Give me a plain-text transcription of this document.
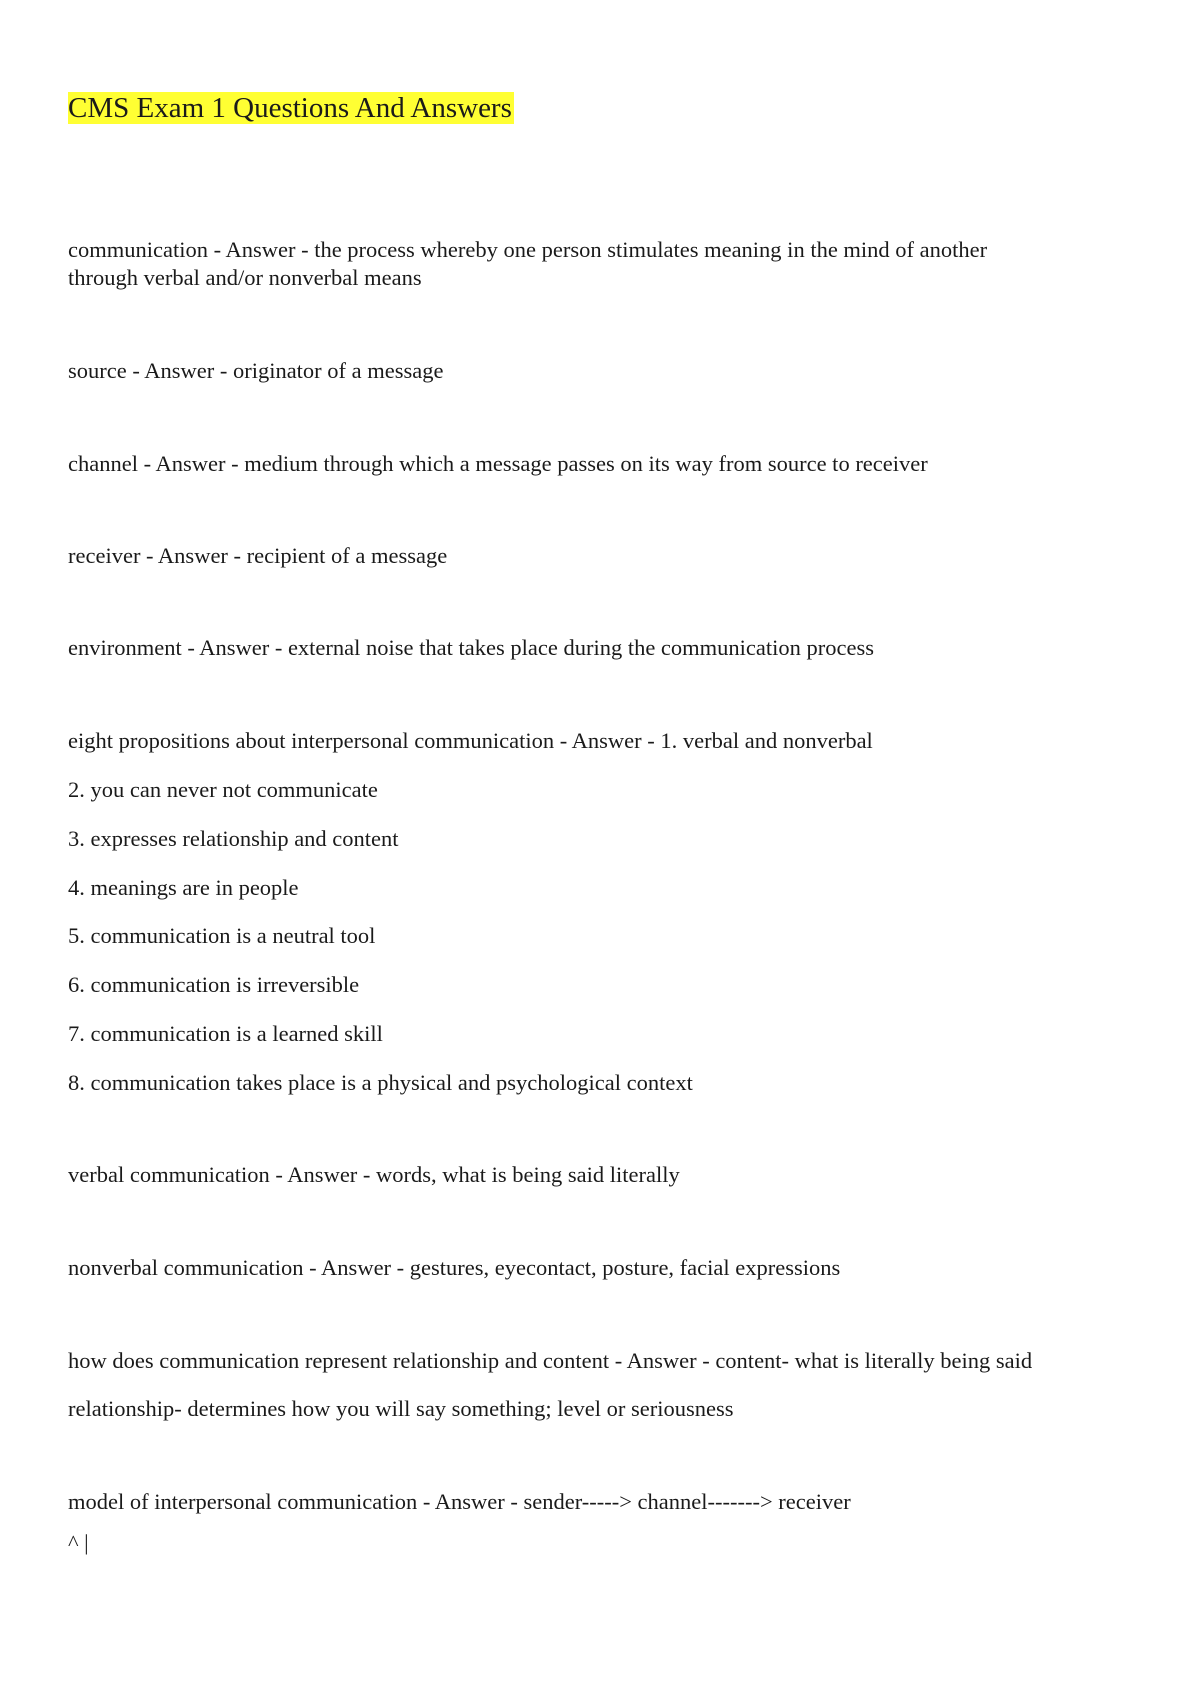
CMS Exam 1 Questions And Answers

communication - Answer - the process whereby one person stimulates meaning in the mind of another

through verbal and/or nonverbal means

source - Answer - originator of a message

channel - Answer - medium through which a message passes on its way from source to receiver

receiver - Answer - recipient of a message

environment - Answer - external noise that takes place during the communication process

eight propositions about interpersonal communication - Answer - 1. verbal and nonverbal

2. you can never not communicate

3. expresses relationship and content

4. meanings are in people

5. communication is a neutral tool

6. communication is irreversible

7. communication is a learned skill

8. communication takes place is a physical and psychological context

verbal communication - Answer - words, what is being said literally

nonverbal communication - Answer - gestures, eyecontact, posture, facial expressions

how does communication represent relationship and content - Answer - content- what is literally being said

relationship- determines how you will say something; level or seriousness

model of interpersonal communication - Answer - sender-----> channel-------> receiver

^ |
